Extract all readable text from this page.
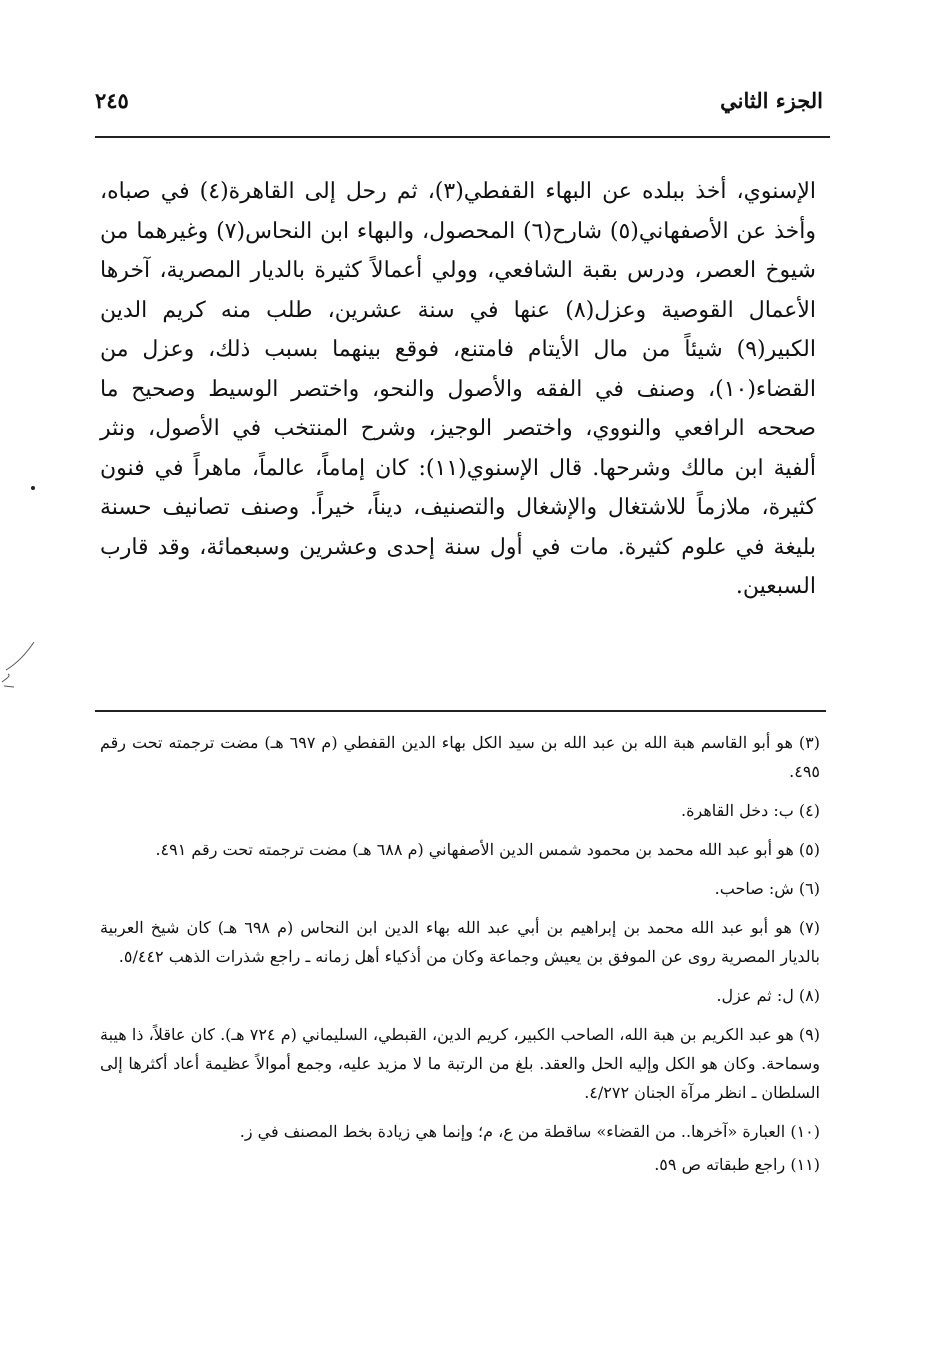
الجزء الثاني
٢٤٥

الإسنوي، أخذ ببلده عن البهاء القفطي(٣)، ثم رحل إلى القاهرة(٤) في صباه، وأخذ عن الأصفهاني(٥) شارح(٦) المحصول، والبهاء ابن النحاس(٧) وغيرهما من شيوخ العصر، ودرس بقبة الشافعي، وولي أعمالاً كثيرة بالديار المصرية، آخرها الأعمال القوصية وعزل(٨) عنها في سنة عشرين، طلب منه كريم الدين الكبير(٩) شيئاً من مال الأيتام فامتنع، فوقع بينهما بسبب ذلك، وعزل من القضاء(١٠)، وصنف في الفقه والأصول والنحو، واختصر الوسيط وصحيح ما صححه الرافعي والنووي، واختصر الوجيز، وشرح المنتخب في الأصول، ونثر ألفية ابن مالك وشرحها. قال الإسنوي(١١): كان إماماً، عالماً، ماهراً في فنون كثيرة، ملازماً للاشتغال والإشغال والتصنيف، ديناً، خيراً. وصنف تصانيف حسنة بليغة في علوم كثيرة. مات في أول سنة إحدى وعشرين وسبعمائة، وقد قارب السبعين.

(٣) هو أبو القاسم هبة الله بن عبد الله بن سيد الكل بهاء الدين القفطي (م ٦٩٧ هـ) مضت ترجمته تحت رقم ٤٩٥.

(٤) ب: دخل القاهرة.

(٥) هو أبو عبد الله محمد بن محمود شمس الدين الأصفهاني (م ٦٨٨ هـ) مضت ترجمته تحت رقم ٤٩١.

(٦) ش: صاحب.

(٧) هو أبو عبد الله محمد بن إبراهيم بن أبي عبد الله بهاء الدين ابن النحاس (م ٦٩٨ هـ) كان شيخ العربية بالديار المصرية روى عن الموفق بن يعيش وجماعة وكان من أذكياء أهل زمانه ـ راجع شذرات الذهب ٥/٤٤٢.

(٨) ل: ثم عزل.

(٩) هو عبد الكريم بن هبة الله، الصاحب الكبير، كريم الدين، القبطي، السليماني (م ٧٢٤ هـ). كان عاقلاً، ذا هيبة وسماحة. وكان هو الكل وإليه الحل والعقد. بلغ من الرتبة ما لا مزيد عليه، وجمع أموالاً عظيمة أعاد أكثرها إلى السلطان ـ انظر مرآة الجنان ٤/٢٧٢.

(١٠) العبارة «آخرها.. من القضاء» ساقطة من ع، م؛ وإنما هي زيادة بخط المصنف في ز.

(١١) راجع طبقاته ص ٥٩.
